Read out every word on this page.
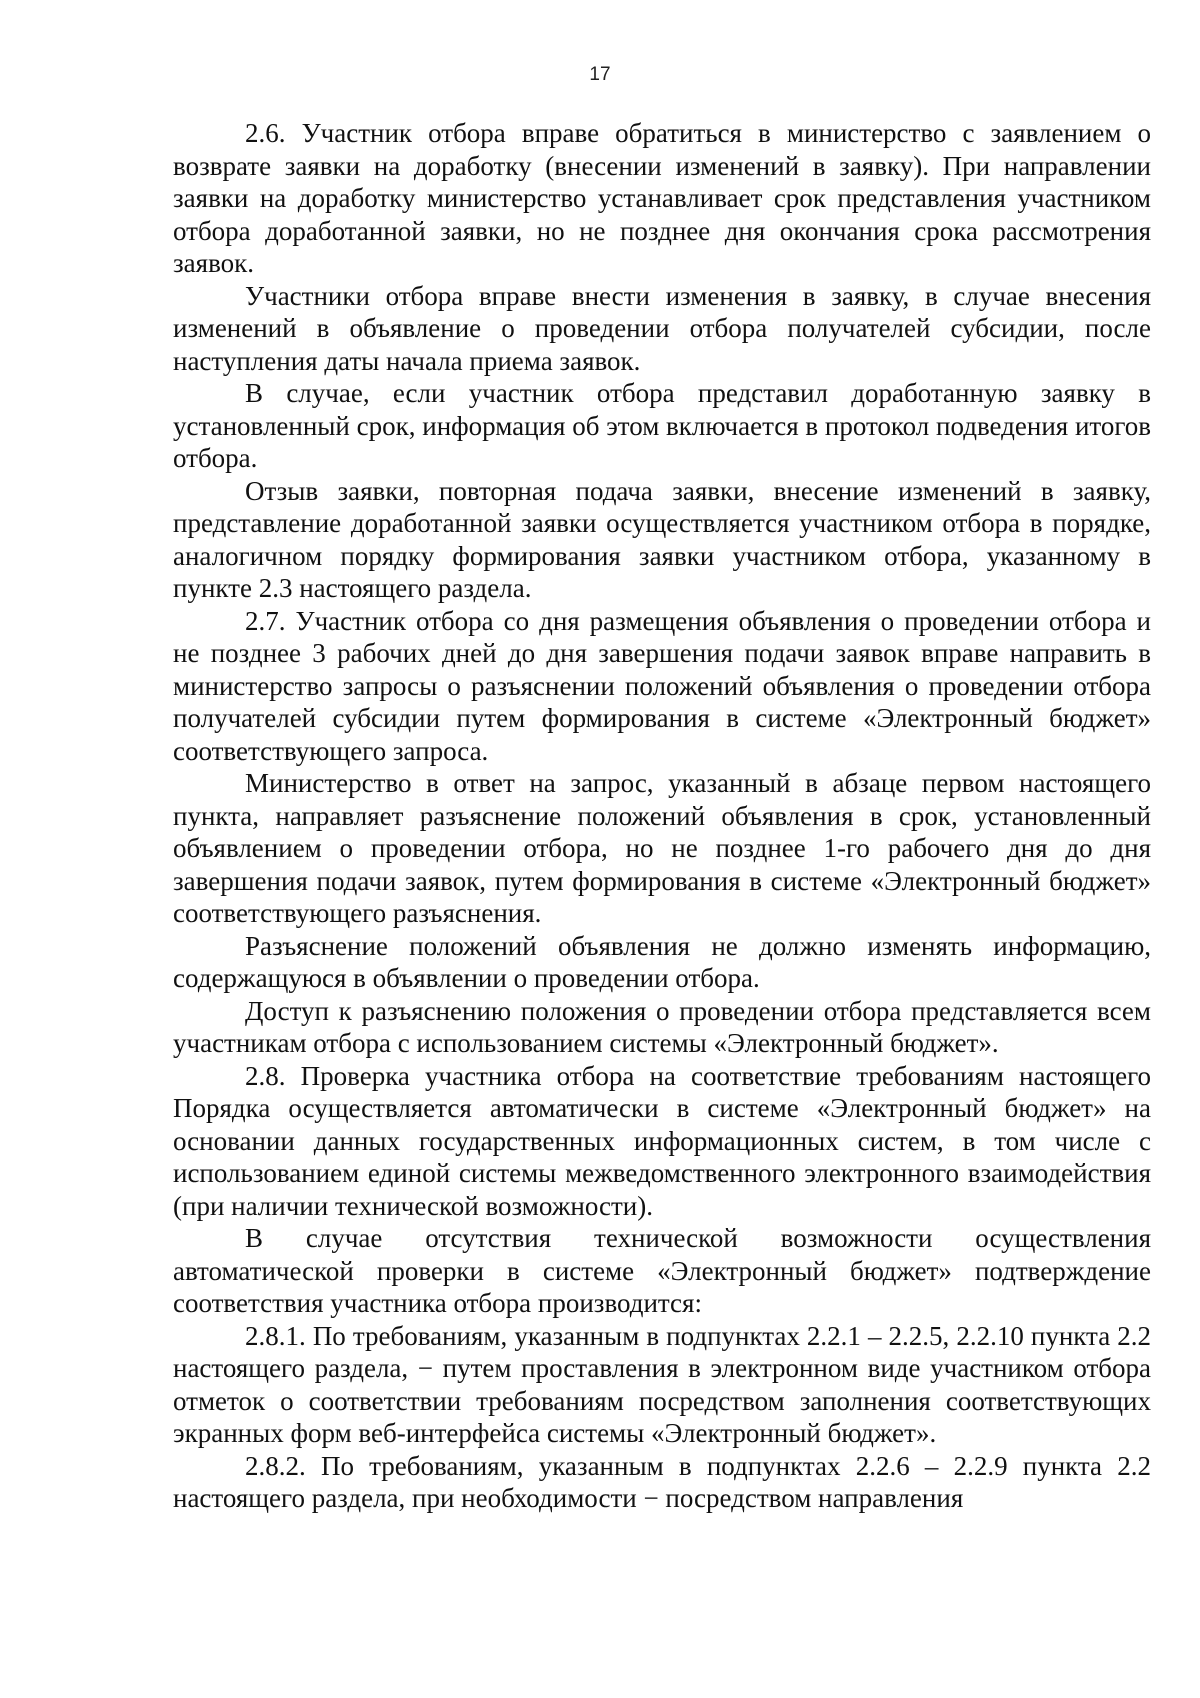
17

2.6. Участник отбора вправе обратиться в министерство с заявлением о возврате заявки на доработку (внесении изменений в заявку). При направлении заявки на доработку министерство устанавливает срок представления участником отбора доработанной заявки, но не позднее дня окончания срока рассмотрения заявок.

Участники отбора вправе внести изменения в заявку, в случае внесения изменений в объявление о проведении отбора получателей субсидии, после наступления даты начала приема заявок.

В случае, если участник отбора представил доработанную заявку в установленный срок, информация об этом включается в протокол подведения итогов отбора.

Отзыв заявки, повторная подача заявки, внесение изменений в заявку, представление доработанной заявки осуществляется участником отбора в порядке, аналогичном порядку формирования заявки участником отбора, указанному в пункте 2.3 настоящего раздела.

2.7. Участник отбора со дня размещения объявления о проведении отбора и не позднее 3 рабочих дней до дня завершения подачи заявок вправе направить в министерство запросы о разъяснении положений объявления о проведении отбора получателей субсидии путем формирования в системе «Электронный бюджет» соответствующего запроса.

Министерство в ответ на запрос, указанный в абзаце первом настоящего пункта, направляет разъяснение положений объявления в срок, установленный объявлением о проведении отбора, но не позднее 1-го рабочего дня до дня завершения подачи заявок, путем формирования в системе «Электронный бюджет» соответствующего разъяснения.

Разъяснение положений объявления не должно изменять информацию, содержащуюся в объявлении о проведении отбора.

Доступ к разъяснению положения о проведении отбора представляется всем участникам отбора с использованием системы «Электронный бюджет».

2.8. Проверка участника отбора на соответствие требованиям настоящего Порядка осуществляется автоматически в системе «Электронный бюджет» на основании данных государственных информационных систем, в том числе с использованием единой системы межведомственного электронного взаимодействия (при наличии технической возможности).

В случае отсутствия технической возможности осуществления автоматической проверки в системе «Электронный бюджет» подтверждение соответствия участника отбора производится:

2.8.1. По требованиям, указанным в подпунктах 2.2.1 – 2.2.5, 2.2.10 пункта 2.2 настоящего раздела, − путем проставления в электронном виде участником отбора отметок о соответствии требованиям посредством заполнения соответствующих экранных форм веб-интерфейса системы «Электронный бюджет».

2.8.2. По требованиям, указанным в подпунктах 2.2.6 – 2.2.9 пункта 2.2 настоящего раздела, при необходимости − посредством направления
